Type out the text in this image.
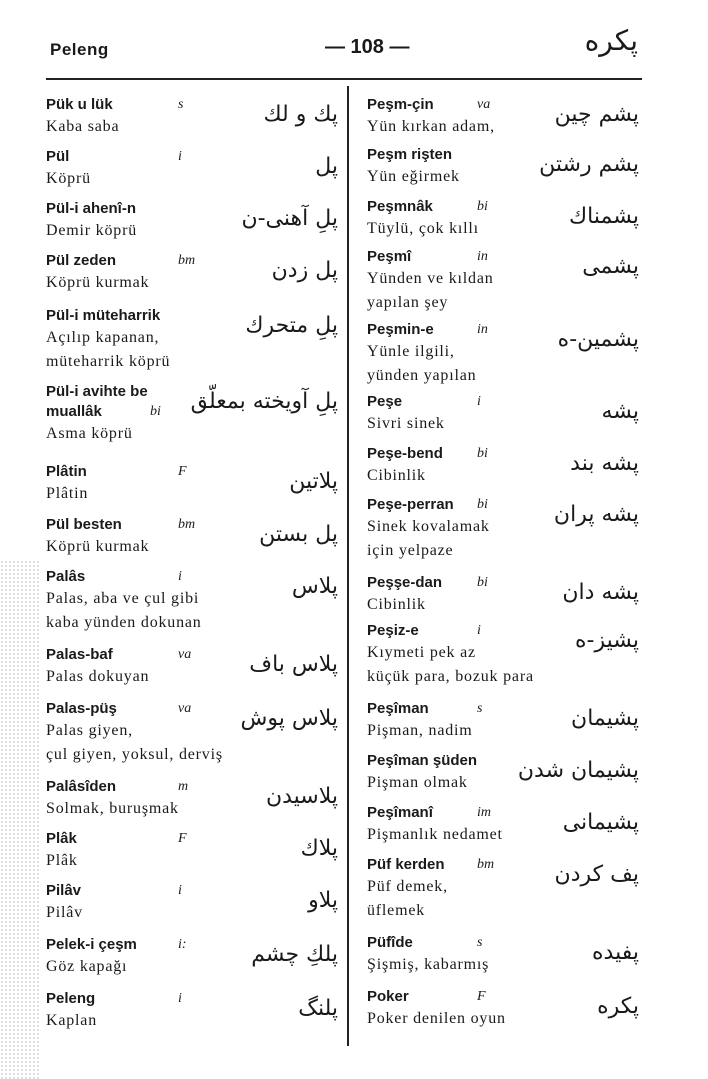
Peleng	— 108 —	پكره
Pük u lük	s
Kaba saba	پك و لك
Pül	i
Köprü	پل
Pül-i ahenî-n
Demir köprü	پلِ آهنی-ن
Pül zeden	bm
Köprü kurmak	پل زدن
Pül-i müteharrik
Açılıp kapanan,
müteharrik köprü
پلِ متحرك
Pül-i avihte be
muallâk	bi
Asma köprü
پلِ آویخته بمعلّق
Plâtin	F
Plâtin	پلاتين
Pül besten	bm
Köprü kurmak	پل بستن
Palâs	i
Palas, aba ve çul gibi
kaba yünden dokunan
پلاس
Palas-baf	va
Palas dokuyan	پلاس باف
Palas-püş	va
Palas giyen,
çul giyen, yoksul, derviş
پلاس پوش
Palâsîden	m
Solmak, buruşmak	پلاسیدن
Plâk	F
Plâk	پلاك
Pilâv	i
Pilâv	پلاو
Pelek-i çeşm	i:
Göz kapağı	پلكِ چشم
Peleng	i
Kaplan	پلنگ
Peşm-çin	va
Yün kırkan adam,	پشم چين
Peşm rişten
Yün eğirmek	پشم رشتن
Peşmnâk	bi
Tüylü, çok kıllı	پشمناك
Peşmî	in
Yünden ve kıldan
yapılan şey
پشمى
Peşmin-e	in
Yünle ilgili,
yünden yapılan
پشمين-ه
Peşe	i
Sivri sinek	پشه
Peşe-bend bi
Cibinlik	پشه بند
Peşe-perran bi
Sinek kovalamak
için yelpaze
پشه پران
Peşşe-dan bi
Cibinlik	پشه دان
Peşiz-e	i
Kıymeti pek az
küçük para, bozuk para
پشيز-ه
Peşîman	s
Pişman, nadim	پشيمان
Peşîman şüden
Pişman olmak	پشيمان شدن
Peşîmanî	im
Pişmanlık nedamet	پشيمانى
Püf kerden bm
Püf demek,
üflemek
پف كردن
Püfîde	s
Şişmiş, kabarmış	پفيده
Poker	F
Poker denilen oyun	پكره
